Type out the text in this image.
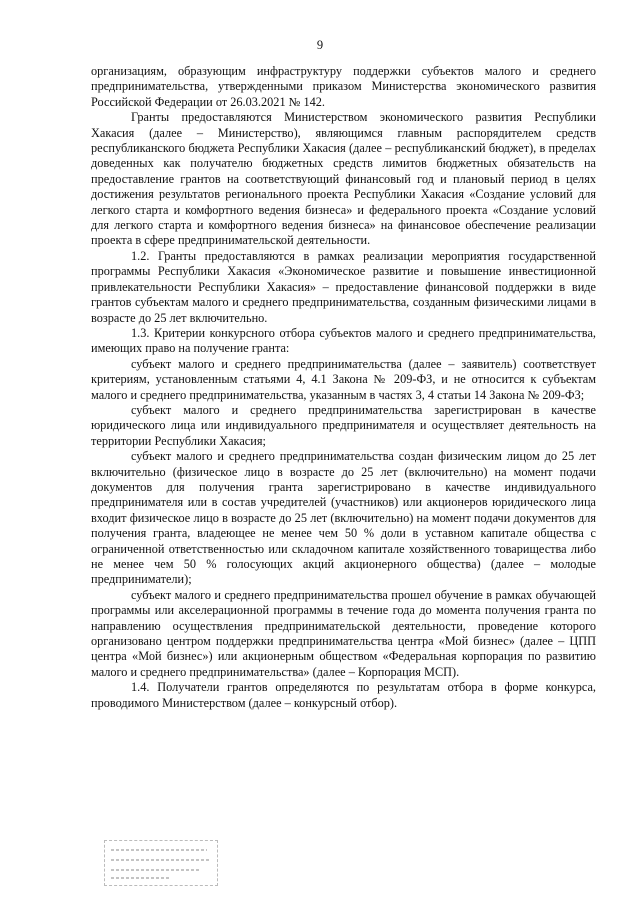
9

организациям, образующим инфраструктуру поддержки субъектов малого и среднего предпринимательства, утвержденными приказом Министерства экономического развития Российской Федерации от 26.03.2021 № 142.

Гранты предоставляются Министерством экономического развития Республики Хакасия (далее – Министерство), являющимся главным распорядителем средств республиканского бюджета Республики Хакасия (далее – республиканский бюджет), в пределах доведенных как получателю бюджетных средств лимитов бюджетных обязательств на предоставление грантов на соответствующий финансовый год и плановый период в целях достижения результатов регионального проекта Республики Хакасия «Создание условий для легкого старта и комфортного ведения бизнеса» и федерального проекта «Создание условий для легкого старта и комфортного ведения бизнеса» на финансовое обеспечение реализации проекта в сфере предпринимательской деятельности.

1.2. Гранты предоставляются в рамках реализации мероприятия государственной программы Республики Хакасия «Экономическое развитие и повышение инвестиционной привлекательности Республики Хакасия» – предоставление финансовой поддержки в виде грантов субъектам малого и среднего предпринимательства, созданным физическими лицами в возрасте до 25 лет включительно.

1.3. Критерии конкурсного отбора субъектов малого и среднего предпринимательства, имеющих право на получение гранта:

субъект малого и среднего предпринимательства (далее – заявитель) соответствует критериям, установленным статьями 4, 4.1 Закона № 209-ФЗ, и не относится к субъектам малого и среднего предпринимательства, указанным в частях 3, 4 статьи 14 Закона № 209-ФЗ;

субъект малого и среднего предпринимательства зарегистрирован в качестве юридического лица или индивидуального предпринимателя и осуществляет деятельность на территории Республики Хакасия;

субъект малого и среднего предпринимательства создан физическим лицом до 25 лет включительно (физическое лицо в возрасте до 25 лет (включительно) на момент подачи документов для получения гранта зарегистрировано в качестве индивидуального предпринимателя или в состав учредителей (участников) или акционеров юридического лица входит физическое лицо в возрасте до 25 лет (включительно) на момент подачи документов для получения гранта, владеющее не менее чем 50 % доли в уставном капитале общества с ограниченной ответственностью или складочном капитале хозяйственного товарищества либо не менее чем 50 % голосующих акций акционерного общества) (далее – молодые предприниматели);

субъект малого и среднего предпринимательства прошел обучение в рамках обучающей программы или акселерационной программы в течение года до момента получения гранта по направлению осуществления предпринимательской деятельности, проведение которого организовано центром поддержки предпринимательства центра «Мой бизнес» (далее – ЦПП центра «Мой бизнес») или акционерным обществом «Федеральная корпорация по развитию малого и среднего предпринимательства» (далее – Корпорация МСП).

1.4. Получатели грантов определяются по результатам отбора в форме конкурса, проводимого Министерством (далее – конкурсный отбор).
